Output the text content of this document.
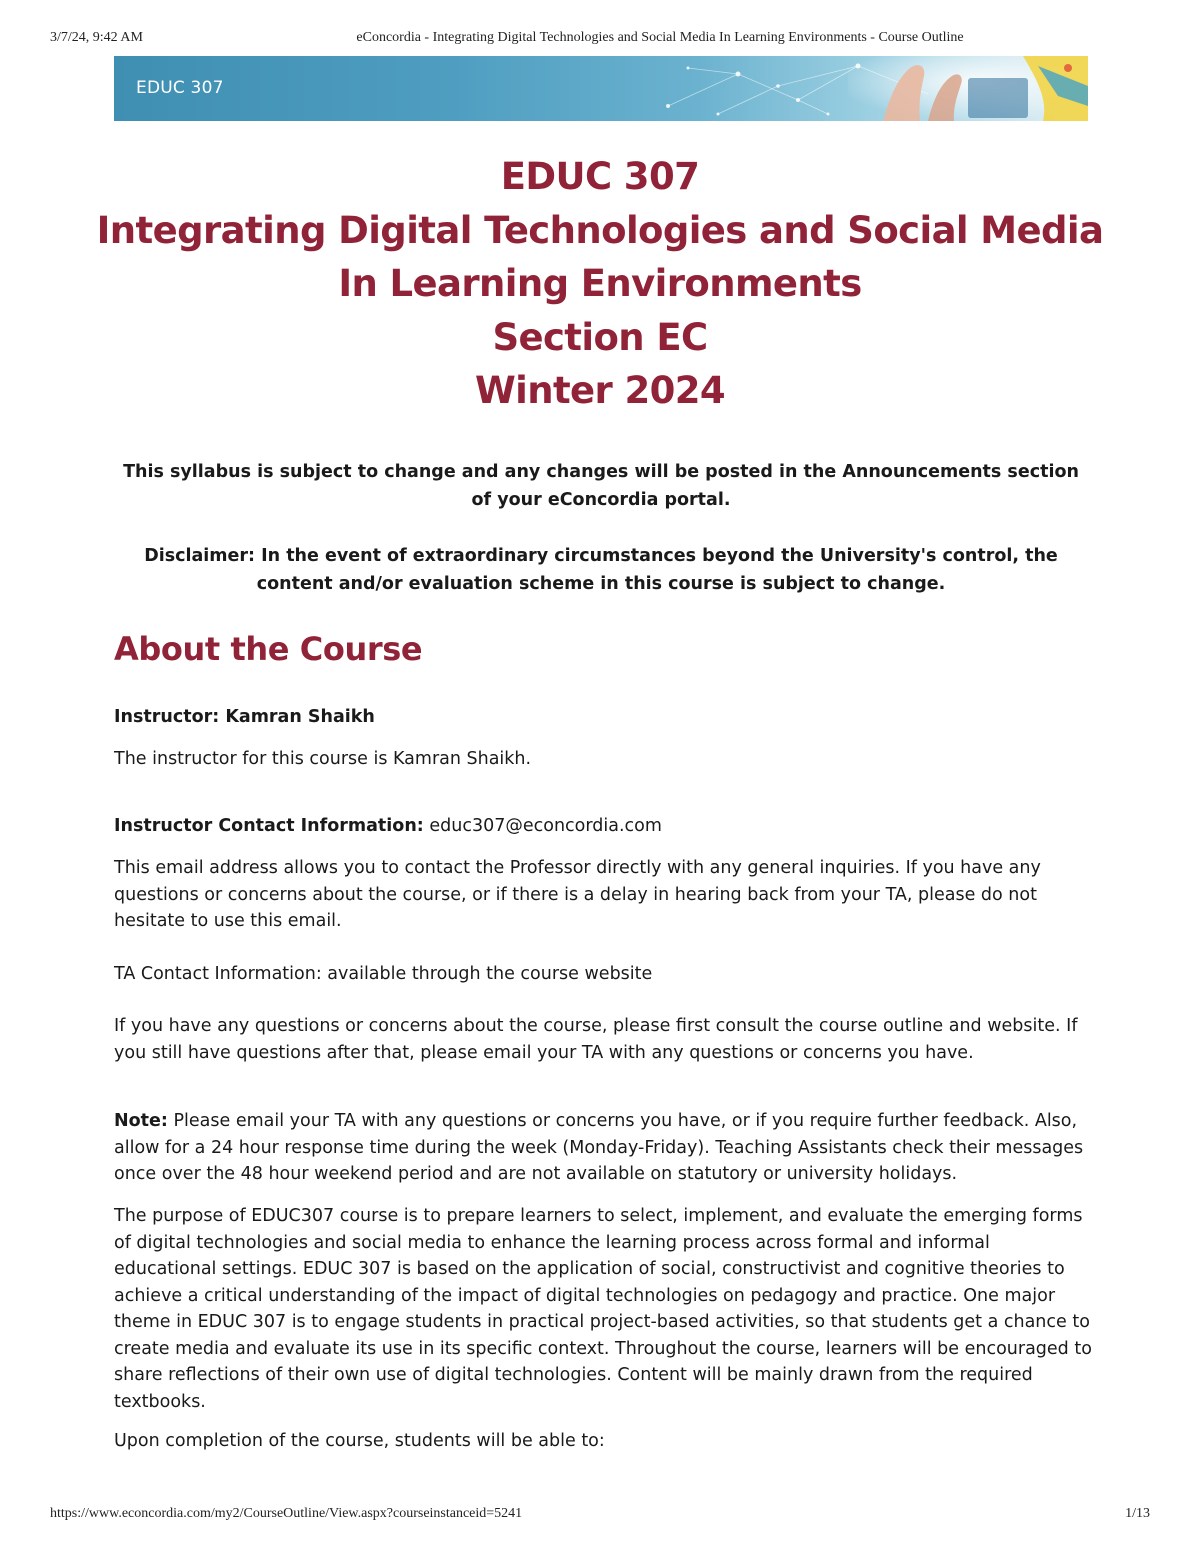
3/7/24, 9:42 AM	eConcordia - Integrating Digital Technologies and Social Media In Learning Environments - Course Outline
EDUC 307
EDUC 307
Integrating Digital Technologies and Social Media
In Learning Environments
Section EC
Winter 2024
This syllabus is subject to change and any changes will be posted in the Announcements section of your eConcordia portal.
Disclaimer: In the event of extraordinary circumstances beyond the University's control, the content and/or evaluation scheme in this course is subject to change.
About the Course
Instructor: Kamran Shaikh
The instructor for this course is Kamran Shaikh.
Instructor Contact Information: educ307@econcordia.com
This email address allows you to contact the Professor directly with any general inquiries. If you have any questions or concerns about the course, or if there is a delay in hearing back from your TA, please do not hesitate to use this email.
TA Contact Information: available through the course website
If you have any questions or concerns about the course, please first consult the course outline and website. If you still have questions after that, please email your TA with any questions or concerns you have.
Note: Please email your TA with any questions or concerns you have, or if you require further feedback. Also, allow for a 24 hour response time during the week (Monday-Friday). Teaching Assistants check their messages once over the 48 hour weekend period and are not available on statutory or university holidays.
The purpose of EDUC307 course is to prepare learners to select, implement, and evaluate the emerging forms of digital technologies and social media to enhance the learning process across formal and informal educational settings. EDUC 307 is based on the application of social, constructivist and cognitive theories to achieve a critical understanding of the impact of digital technologies on pedagogy and practice. One major theme in EDUC 307 is to engage students in practical project-based activities, so that students get a chance to create media and evaluate its use in its specific context. Throughout the course, learners will be encouraged to share reflections of their own use of digital technologies. Content will be mainly drawn from the required textbooks.
Upon completion of the course, students will be able to:
https://www.econcordia.com/my2/CourseOutline/View.aspx?courseinstanceid=5241	1/13
